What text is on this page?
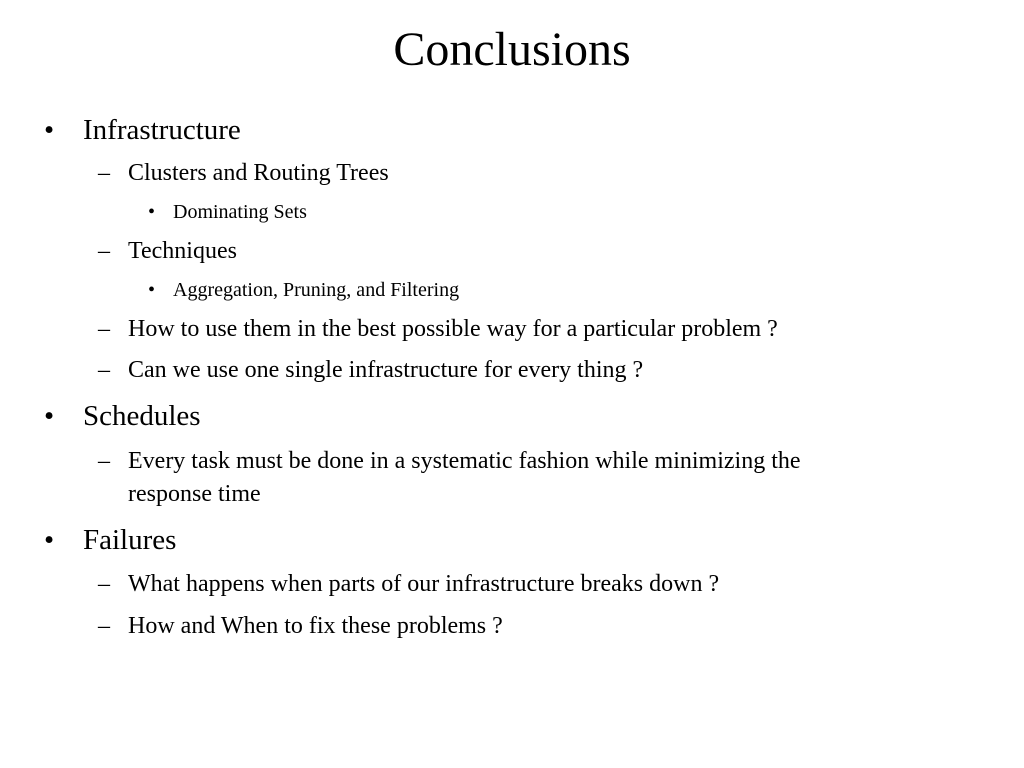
Conclusions
• Infrastructure
– Clusters and Routing Trees
• Dominating Sets
– Techniques
• Aggregation, Pruning, and Filtering
– How to use them in the best possible way for a particular problem ?
– Can we use one single infrastructure for every thing ?
• Schedules
– Every task must be done in a systematic fashion while minimizing the
response time
• Failures
– What happens when parts of our infrastructure breaks down ?
– How and When to fix these problems ?
